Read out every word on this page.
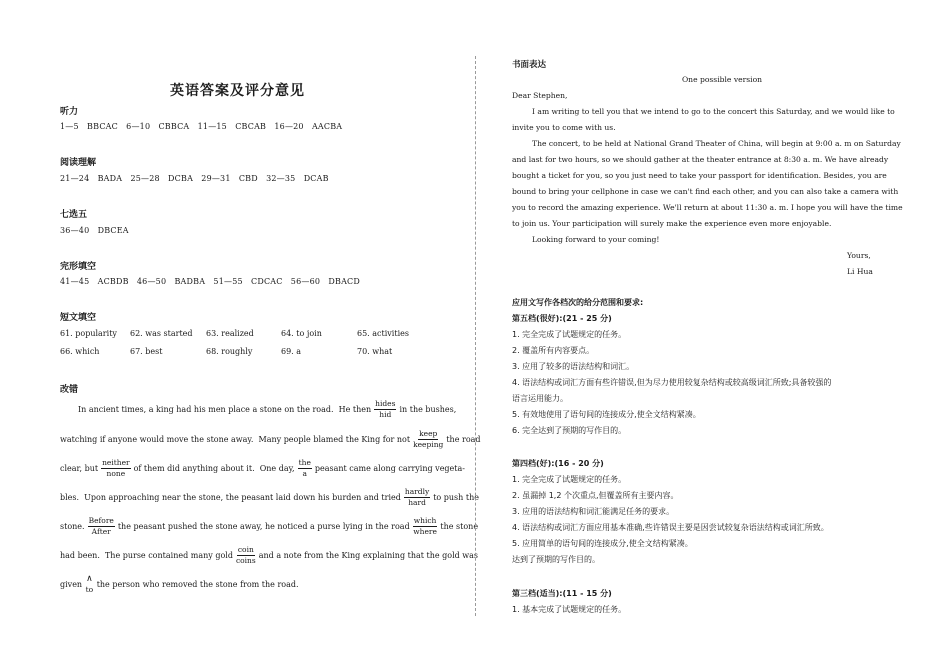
英语答案及评分意见
听力
1—5   BBCAC   6—10   CBBCA   11—15   CBCAB   16—20   AACBA
阅读理解
21—24   BADA   25—28   DCBA   29—31   CBD   32—35   DCAB
七选五
36—40   DBCEA
完形填空
41—45   ACBDB   46—50   BADBA   51—55   CDCAC   56—60   DBACD
短文填空
61. popularity	62. was started	63. realized	64. to join	65. activities
66. which	67. best	68. roughly	69. a	70. what
改错
In ancient times, a king had his men place a stone on the road.  He then $\frac{\text{hides}}{\text{hid}}$ in the bushes,
watching if anyone would move the stone away.  Many people blamed the King for not $\frac{\text{keep}}{\text{keeping}}$ the road
clear, but $\frac{\text{neither}}{\text{none}}$ of them did anything about it.  One day, $\frac{\text{the}}{a}$ peasant came along carrying vegeta-
bles.  Upon approaching near the stone, the peasant laid down his burden and tried $\frac{\text{hardly}}{\text{hard}}$ to push the
stone. $\frac{\text{Before}}{\text{After}}$ the peasant pushed the stone away, he noticed a purse lying in the road $\frac{\text{which}}{\text{where}}$ the stone
had been.  The purse contained many gold $\frac{\text{coin}}{\text{coins}}$ and a note from the King explaining that the gold was
given
∧
to
the person who removed the stone from the road.
书面表达
One possible version
Dear Stephen,
I am writing to tell you that we intend to go to the concert this Saturday, and we would like to
invite you to come with us.
The concert, to be held at National Grand Theater of China, will begin at 9:00 a. m on Saturday
and last for two hours, so we should gather at the theater entrance at 8:30 a. m. We have already
bought a ticket for you, so you just need to take your passport for identification. Besides, you are
bound to bring your cellphone in case we can't find each other, and you can also take a camera with
you to record the amazing experience. We'll return at about 11:30 a. m. I hope you will have the time
to join us. Your participation will surely make the experience even more enjoyable.
Looking forward to your coming!
Yours,
Li Hua
应用文写作各档次的给分范围和要求:
第五档(很好):(21 - 25 分)
1. 完全完成了试题规定的任务。
2. 覆盖所有内容要点。
3. 应用了较多的语法结构和词汇。
4. 语法结构或词汇方面有些许错误,但为尽力使用较复杂结构或较高级词汇所致;具备较强的
语言运用能力。
5. 有效地使用了语句间的连接成分,使全文结构紧凑。
6. 完全达到了预期的写作目的。
第四档(好):(16 - 20 分)
1. 完全完成了试题规定的任务。
2. 虽漏掉 1,2 个次重点,但覆盖所有主要内容。
3. 应用的语法结构和词汇能满足任务的要求。
4. 语法结构或词汇方面应用基本准确,些许错误主要是因尝试较复杂语法结构或词汇所致。
5. 应用简单的语句间的连接成分,使全文结构紧凑。
达到了预期的写作目的。
第三档(适当):(11 - 15 分)
1. 基本完成了试题规定的任务。
